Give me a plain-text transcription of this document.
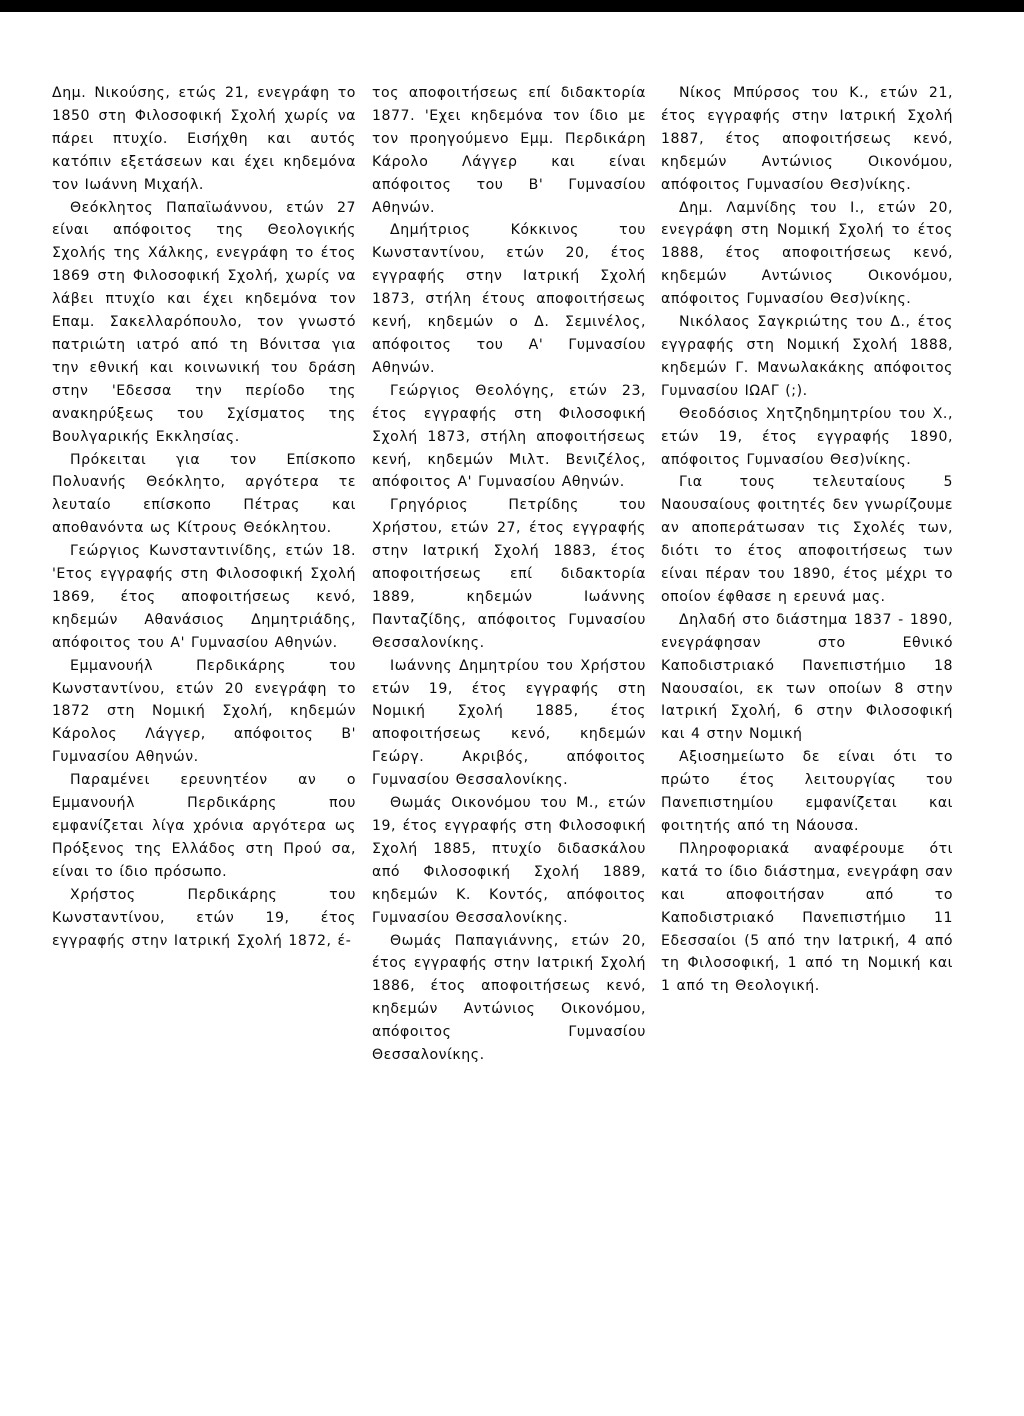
Δημ. Νικούσης, ετώς 21, ενεγράφη το 1850 στη Φιλοσοφική Σχολή χωρίς να πάρει πτυχίο. Εισήχθη και αυτός κατόπιν εξετάσεων και έχει κηδεμόνα τον Ιωάννη Μιχαήλ.

Θεόκλητος Παπαϊωάννου, ετών 27 είναι απόφοιτος της Θεολογικής Σχολής της Χάλκης, ενεγράφη το έτος 1869 στη Φιλοσοφική Σχολή, χωρίς να λάβει πτυχίο και έχει κηδεμόνα τον Επαμ. Σακελλαρόπουλο, τον γνωστό πατριώτη ιατρό από τη Βόνιτσα για την εθνική και κοινωνική του δράση στην 'Εδεσσα την περίοδο της ανακηρύξεως του Σχίσματος της Βουλγαρικής Εκκλησίας.

Πρόκειται για τον Επίσκοπο Πολυανής Θεόκλητο, αργότερα τε λευταίο επίσκοπο Πέτρας και αποθανόντα ως Κίτρους Θεόκλητου.

Γεώργιος Κωνσταντινίδης, ετών 18. 'Ετος εγγραφής στη Φιλοσοφική Σχολή 1869, έτος αποφοιτήσεως κενό, κηδεμών Αθανάσιος Δημητριάδης, απόφοιτος του Α' Γυμνασίου Αθηνών.

Εμμανουήλ Περδικάρης του Κωνσταντίνου, ετών 20 ενεγράφη το 1872 στη Νομική Σχολή, κηδεμών Κάρολος Λάγγερ, απόφοιτος Β' Γυμνασίου Αθηνών.

Παραμένει ερευνητέον αν ο Εμμανουήλ Περδικάρης που εμφανίζεται λίγα χρόνια αργότερα ως Πρόξενος της Ελλάδος στη Πρού σα, είναι το ίδιο πρόσωπο.

Χρήστος Περδικάρης του Κωνσταντίνου, ετών 19, έτος εγγραφής στην Ιατρική Σχολή 1872, έ-

τος αποφοιτήσεως επί διδακτορία 1877. 'Εχει κηδεμόνα τον ίδιο με τον προηγούμενο Εμμ. Περδικάρη Κάρολο Λάγγερ και είναι απόφοιτος του Β' Γυμνασίου Αθηνών.

Δημήτριος Κόκκινος του Κωνσταντίνου, ετών 20, έτος εγγραφής στην Ιατρική Σχολή 1873, στήλη έτους αποφοιτήσεως κενή, κηδεμών ο Δ. Σεμινέλος, απόφοιτος του Α' Γυμνασίου Αθηνών.

Γεώργιος Θεολόγης, ετών 23, έτος εγγραφής στη Φιλοσοφική Σχολή 1873, στήλη αποφοιτήσεως κενή, κηδεμών Μιλτ. Βενιζέλος, απόφοιτος Α' Γυμνασίου Αθηνών.

Γρηγόριος Πετρίδης του Χρήστου, ετών 27, έτος εγγραφής στην Ιατρική Σχολή 1883, έτος αποφοιτήσεως επί διδακτορία 1889, κηδεμών Ιωάννης Πανταζίδης, απόφοιτος Γυμνασίου Θεσσαλονίκης.

Ιωάννης Δημητρίου του Χρήστου ετών 19, έτος εγγραφής στη Νομική Σχολή 1885, έτος αποφοιτήσεως κενό, κηδεμών Γεώργ. Ακριβός, απόφοιτος Γυμνασίου Θεσσαλονίκης.

Θωμάς Οικονόμου του Μ., ετών 19, έτος εγγραφής στη Φιλοσοφική Σχολή 1885, πτυχίο διδασκάλου από Φιλοσοφική Σχολή 1889, κηδεμών Κ. Κοντός, απόφοιτος Γυμνασίου Θεσσαλονίκης.

Θωμάς Παπαγιάννης, ετών 20, έτος εγγραφής στην Ιατρική Σχολή 1886, έτος αποφοιτήσεως κενό, κηδεμών Αντώνιος Οικονόμου, απόφοιτος Γυμνασίου Θεσσαλονίκης.

Νίκος Μπύρσος του Κ., ετών 21, έτος εγγραφής στην Ιατρική Σχολή 1887, έτος αποφοιτήσεως κενό, κηδεμών Αντώνιος Οικονόμου, απόφοιτος Γυμνασίου Θεσ)νίκης.

Δημ. Λαμνίδης του Ι., ετών 20, ενεγράφη στη Νομική Σχολή το έτος 1888, έτος αποφοιτήσεως κενό, κηδεμών Αντώνιος Οικονόμου, απόφοιτος Γυμνασίου Θεσ)νίκης.

Νικόλαος Σαγκριώτης του Δ., έτος εγγραφής στη Νομική Σχολή 1888, κηδεμών Γ. Μανωλακάκης απόφοιτος Γυμνασίου ΙΩΑΓ (;).

Θεοδόσιος Χητζηδημητρίου του Χ., ετών 19, έτος εγγραφής 1890, απόφοιτος Γυμνασίου Θεσ)νίκης.

Για τους τελευταίους 5 Ναουσαίους φοιτητές δεν γνωρίζουμε αν αποπεράτωσαν τις Σχολές των, διότι το έτος αποφοιτήσεως των είναι πέραν του 1890, έτος μέχρι το οποίον έφθασε η ερευνά μας.

Δηλαδή στο διάστημα 1837 - 1890, ενεγράφησαν στο Εθνικό Καποδιστριακό Πανεπιστήμιο 18 Ναουσαίοι, εκ των οποίων 8 στην Ιατρική Σχολή, 6 στην Φιλοσοφική και 4 στην Νομική

Αξιοσημείωτο δε είναι ότι το πρώτο έτος λειτουργίας του Πανεπιστημίου εμφανίζεται και φοιτητής από τη Νάουσα.

Πληροφοριακά αναφέρουμε ότι κατά το ίδιο διάστημα, ενεγράφη σαν και αποφοιτήσαν από το Καποδιστριακό Πανεπιστήμιο 11 Εδεσσαίοι (5 από την Ιατρική, 4 από τη Φιλοσοφική, 1 από τη Νομική και 1 από τη Θεολογική.
